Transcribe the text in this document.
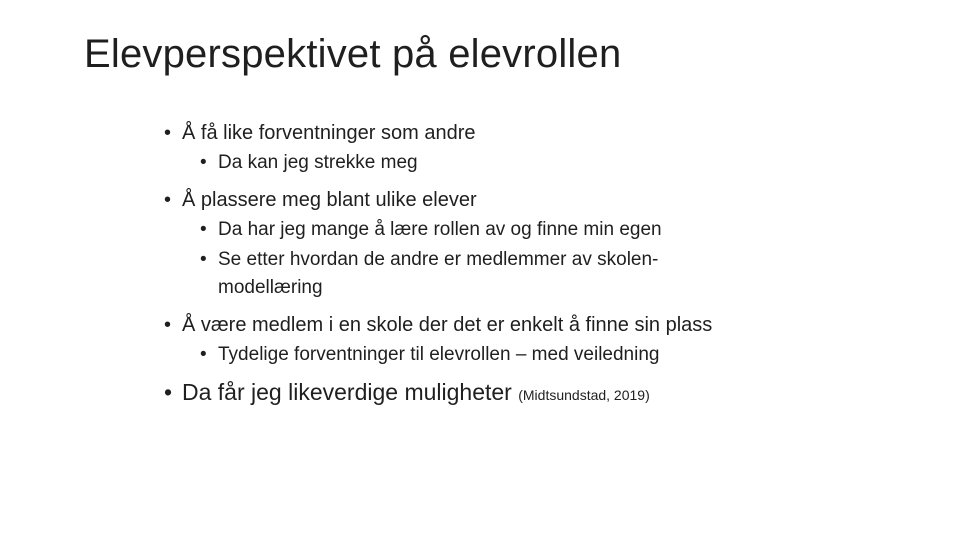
Elevperspektivet på elevrollen
• Å få like forventninger som andre
• Da kan jeg strekke meg
• Å plassere meg blant ulike elever
• Da har jeg mange å lære rollen av og finne min egen
• Se etter hvordan de andre er medlemmer av skolen-
modellæring
• Å være medlem i en skole der det er enkelt å finne sin plass
• Tydelige forventninger til elevrollen – med veiledning
• Da får jeg likeverdige muligheter (Midtsundstad, 2019)
